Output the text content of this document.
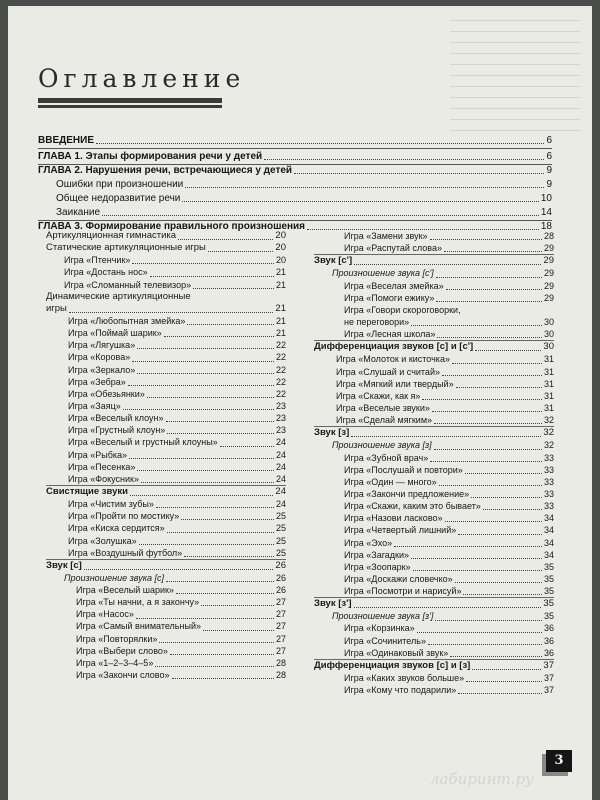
Оглавление
ВВЕДЕНИЕ	6
ГЛАВА 1. Этапы формирования речи у детей	6
ГЛАВА 2. Нарушения речи, встречающиеся у детей	9
Ошибки при произношении	9
Общее недоразвитие речи	10
Заикание	14
ГЛАВА 3. Формирование правильного произношения	18
Артикуляционная гимнастика	20
Статические артикуляционные игры	20
Игра «Птенчик»	20
Игра «Достань нос»	21
Игра «Сломанный телевизор»	21
Динамические артикуляционные
игры	21
Игра «Любопытная змейка»	21
Игра «Поймай шарик»	21
Игра «Лягушка»	22
Игра «Корова»	22
Игра «Зеркало»	22
Игра «Зебра»	22
Игра «Обезьянки»	22
Игра «Заяц»	23
Игра «Веселый клоун»	23
Игра «Грустный клоун»	23
Игра «Веселый и грустный клоуны»	24
Игра «Рыбка»	24
Игра «Песенка»	24
Игра «Фокусник»	24
Свистящие звуки	24
Игра «Чистим зубы»	24
Игра «Пройти по мостику»	25
Игра «Киска сердится»	25
Игра «Золушка»	25
Игра «Воздушный футбол»	25
Звук [с]	26
Произношение звука [с]	26
Игра «Веселый шарик»	26
Игра «Ты начни, а я закончу»	27
Игра «Насос»	27
Игра «Самый внимательный»	27
Игра «Повторялки»	27
Игра «Выбери слово»	27
Игра «1–2–3–4–5»	28
Игра «Закончи слово»	28
Игра «Замени звук»	28
Игра «Распутай слова»	29
Звук [с']	29
Произношение звука [с']	29
Игра «Веселая змейка»	29
Игра «Помоги ежику»	29
Игра «Говори скороговорки,
не переговори»	30
Игра «Лесная школа»	30
Дифференциация звуков [с] и [с']	30
Игра «Молоток и кисточка»	31
Игра «Слушай и считай»	31
Игра «Мягкий или твердый»	31
Игра «Скажи, как я»	31
Игра «Веселые звуки»	31
Игра «Сделай мягким»	32
Звук [з]	32
Произношение звука [з]	32
Игра «Зубной врач»	33
Игра «Послушай и повтори»	33
Игра «Один — много»	33
Игра «Закончи предложение»	33
Игра «Скажи, каким это бывает»	33
Игра «Назови ласково»	34
Игра «Четвертый лишний»	34
Игра «Эхо»	34
Игра «Загадки»	34
Игра «Зоопарк»	35
Игра «Доскажи словечко»	35
Игра «Посмотри и нарисуй»	35
Звук [з']	35
Произношение звука [з']	35
Игра «Корзинка»	36
Игра «Сочинитель»	36
Игра «Одинаковый звук»	36
Дифференциация звуков [с] и [з]	37
Игра «Каких звуков больше»	37
Игра «Кому что подарили»	37
3
лабиринт.ру
